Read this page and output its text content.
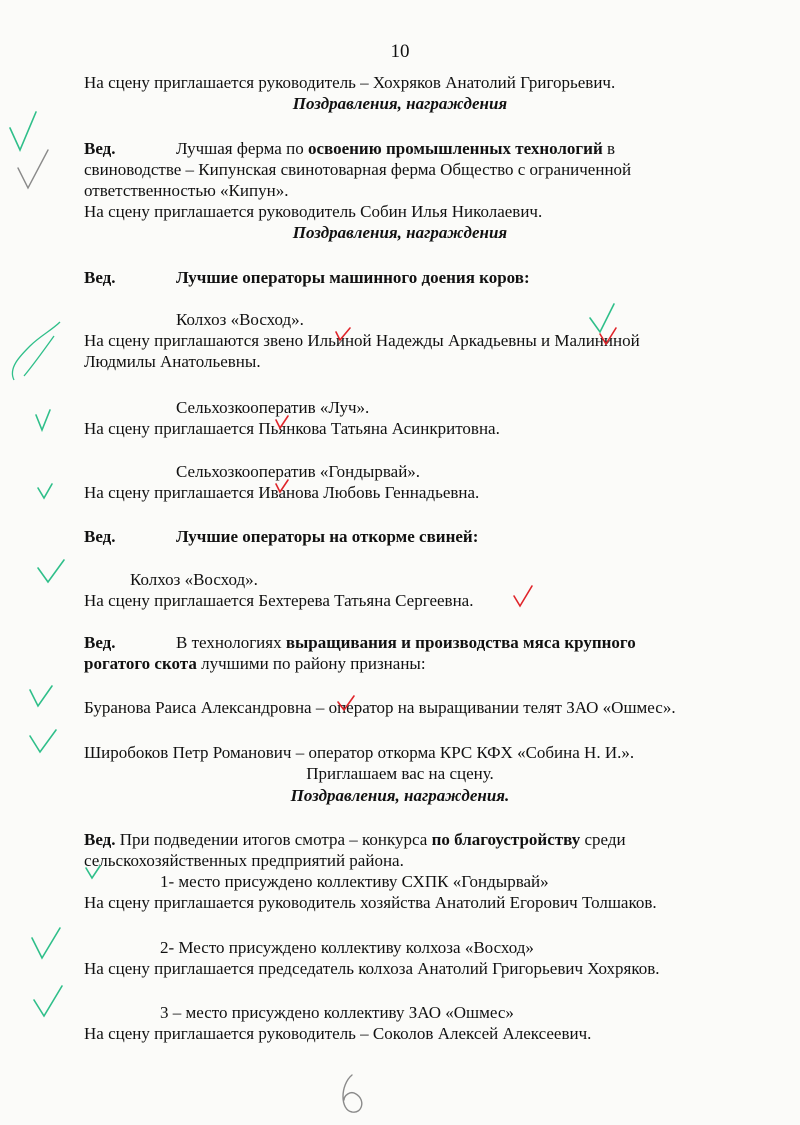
10
На сцену приглашается руководитель – Хохряков Анатолий Григорьевич.
Поздравления, награждения
Вед.	Лучшая ферма по освоению промышленных технологий в
свиноводстве – Кипунская свинотоварная ферма Общество с ограниченной
ответственностью «Кипун».
На сцену приглашается руководитель Собин Илья Николаевич.
Поздравления, награждения
Вед.	Лучшие операторы машинного доения коров:
Колхоз «Восход».
На сцену приглашаются звено Ильиной Надежды Аркадьевны и Малининой
Людмилы Анатольевны.
Сельхозкооператив «Луч».
На сцену приглашается Пьянкова Татьяна Асинкритовна.
Сельхозкооператив «Гондырвай».
На сцену приглашается Иванова Любовь Геннадьевна.
Вед.	Лучшие операторы на откорме свиней:
Колхоз «Восход».
На сцену приглашается Бехтерева Татьяна Сергеевна.
Вед.	В технологиях выращивания и производства мяса крупного
рогатого скота лучшими по району признаны:
Буранова Раиса Александровна – оператор на выращивании телят ЗАО «Ошмес».
Широбоков Петр Романович – оператор откорма КРС КФХ «Собина Н. И.».
Приглашаем вас на сцену.
Поздравления, награждения.
Вед. При подведении итогов смотра – конкурса по благоустройству среди
сельскохозяйственных предприятий района.
1- место присуждено коллективу СХПК «Гондырвай»
На сцену приглашается руководитель хозяйства Анатолий Егорович Толшаков.
2- Место присуждено коллективу колхоза «Восход»
На сцену приглашается председатель колхоза Анатолий Григорьевич Хохряков.
3 – место присуждено коллективу ЗАО «Ошмес»
На сцену приглашается руководитель – Соколов Алексей Алексеевич.
